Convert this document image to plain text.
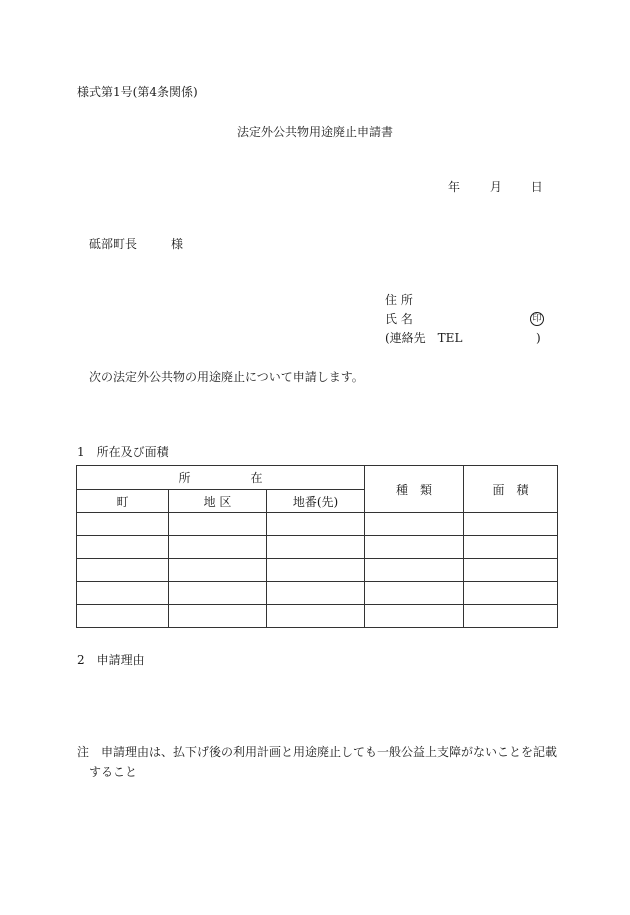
様式第1号(第4条関係)
法定外公共物用途廃止申請書
年 月 日
砥部町長	様
住 所
氏 名	印
(連絡先　TEL	)
次の法定外公共物の用途廃止について申請します。
1　所在及び面積
所　　　　　在			種　類	面　積
町	地 区	地番(先)		

2　申請理由
注　申請理由は、払下げ後の利用計画と用途廃止しても一般公益上支障がないことを記載
すること
